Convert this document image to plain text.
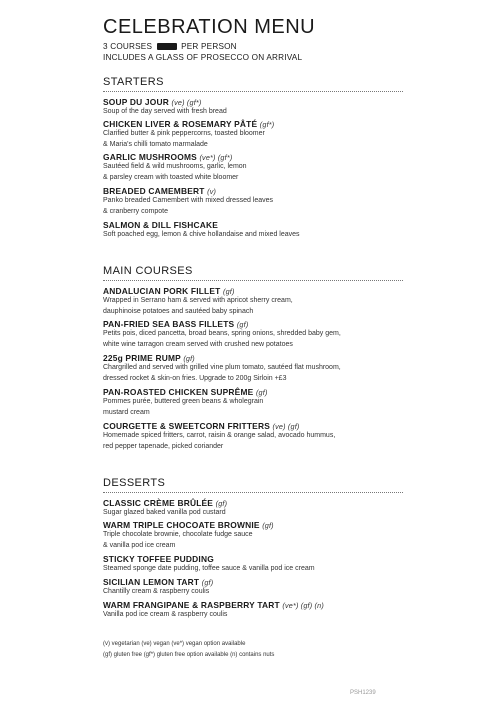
CELEBRATION MENU
3 COURSES	PER PERSON
INCLUDES A GLASS OF PROSECCO ON ARRIVAL
STARTERS
SOUP DU JOUR (ve) (gf*)
Soup of the day served with fresh bread
CHICKEN LIVER & ROSEMARY PÂTÉ (gf*)
Clarified butter & pink peppercorns, toasted bloomer
& Maria's chilli tomato marmalade
GARLIC MUSHROOMS (ve*) (gf*)
Sautéed field & wild mushrooms, garlic, lemon
& parsley cream with toasted white bloomer
BREADED CAMEMBERT (v)
Panko breaded Camembert with mixed dressed leaves
& cranberry compote
SALMON & DILL FISHCAKE
Soft poached egg, lemon & chive hollandaise and mixed leaves
MAIN COURSES
ANDALUCIAN PORK FILLET (gf)
Wrapped in Serrano ham & served with apricot sherry cream,
dauphinoise potatoes and sautéed baby spinach
PAN-FRIED SEA BASS FILLETS (gf)
Petits pois, diced pancetta, broad beans, spring onions, shredded baby gem,
white wine tarragon cream served with crushed new potatoes
225g PRIME RUMP (gf)
Chargrilled and served with grilled vine plum tomato, sautéed flat mushroom,
dressed rocket & skin-on fries. Upgrade to 200g Sirloin +£3
PAN-ROASTED CHICKEN SUPRÊME (gf)
Pommes purée, buttered green beans & wholegrain
mustard cream
COURGETTE & SWEETCORN FRITTERS (ve) (gf)
Homemade spiced fritters, carrot, raisin & orange salad, avocado hummus,
red pepper tapenade, picked coriander
DESSERTS
CLASSIC CRÈME BRÛLÉE (gf)
Sugar glazed baked vanilla pod custard
WARM TRIPLE CHOCOATE BROWNIE (gf)
Triple chocolate brownie, chocolate fudge sauce
& vanilla pod ice cream
STICKY TOFFEE PUDDING
Steamed sponge date pudding, toffee sauce & vanilla pod ice cream
SICILIAN LEMON TART (gf)
Chantilly cream & raspberry coulis
WARM FRANGIPANE & RASPBERRY TART (ve*) (gf) (n)
Vanilla pod ice cream & raspberry coulis
(v) vegetarian (ve) vegan (ve*) vegan option available
(gf) gluten free (gf*) gluten free option available (n) contains nuts
PSH1239
